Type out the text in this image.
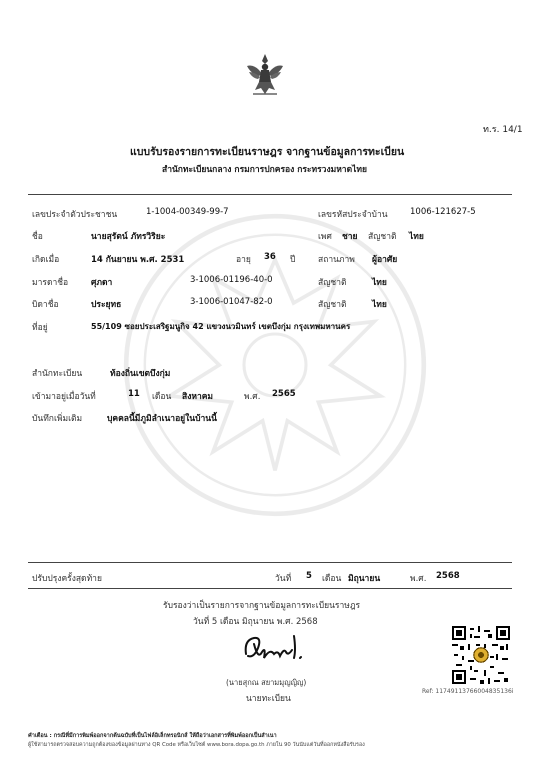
ท.ร. 14/1
แบบรับรองรายการทะเบียนราษฎร จากฐานข้อมูลการทะเบียน
สำนักทะเบียนกลาง กรมการปกครอง กระทรวงมหาดไทย
เลขประจำตัวประชาชน	1-1004-00349-99-7	เลขรหัสประจำบ้าน	1006-121627-5
ชื่อ	นายสุรัตน์ ภัทรวิริยะ	เพศ ชาย สัญชาติ ไทย
เกิดเมื่อ	14 กันยายน พ.ศ. 2531	อายุ 36 ปี	สถานภาพ ผู้อาศัย
มารดาชื่อ	ศุภดา	3-1006-01196-40-0	สัญชาติ	ไทย
บิดาชื่อ	ประยุทธ	3-1006-01047-82-0	สัญชาติ	ไทย
ที่อยู่	55/109 ซอยประเสริฐมนูกิจ 42 แขวงนวมินทร์ เขตบึงกุ่ม กรุงเทพมหานคร
สำนักทะเบียน	ท้องถิ่นเขตบึงกุ่ม
เข้ามาอยู่เมื่อวันที่	11 เดือน สิงหาคม	พ.ศ. 2565
บันทึกเพิ่มเติม	บุคคลนี้มีภูมิลำเนาอยู่ในบ้านนี้
ปรับปรุงครั้งสุดท้าย	วันที่ 5 เดือน มิถุนายน	พ.ศ. 2568
รับรองว่าเป็นรายการจากฐานข้อมูลการทะเบียนราษฎร
วันที่ 5 เดือน มิถุนายน พ.ศ. 2568
(นายสุกณ สยามมุญญิญ)
นายทะเบียน
Ref: 11749113766004835136i
คำเตือน : กรณีที่มีการพิมพ์ออกจากต้นฉบับที่เป็นไฟล์อิเล็กทรอนิกส์ ให้ถือว่าเอกสารที่พิมพ์ออกเป็นสำเนา
ผู้ใช้สามารถตรวจสอบความถูกต้องของข้อมูลผ่านทาง QR Code หรือเว็บไซต์ www.bora.dopa.go.th ภายใน 90 วันนับแต่วันที่ออกหนังสือรับรอง
